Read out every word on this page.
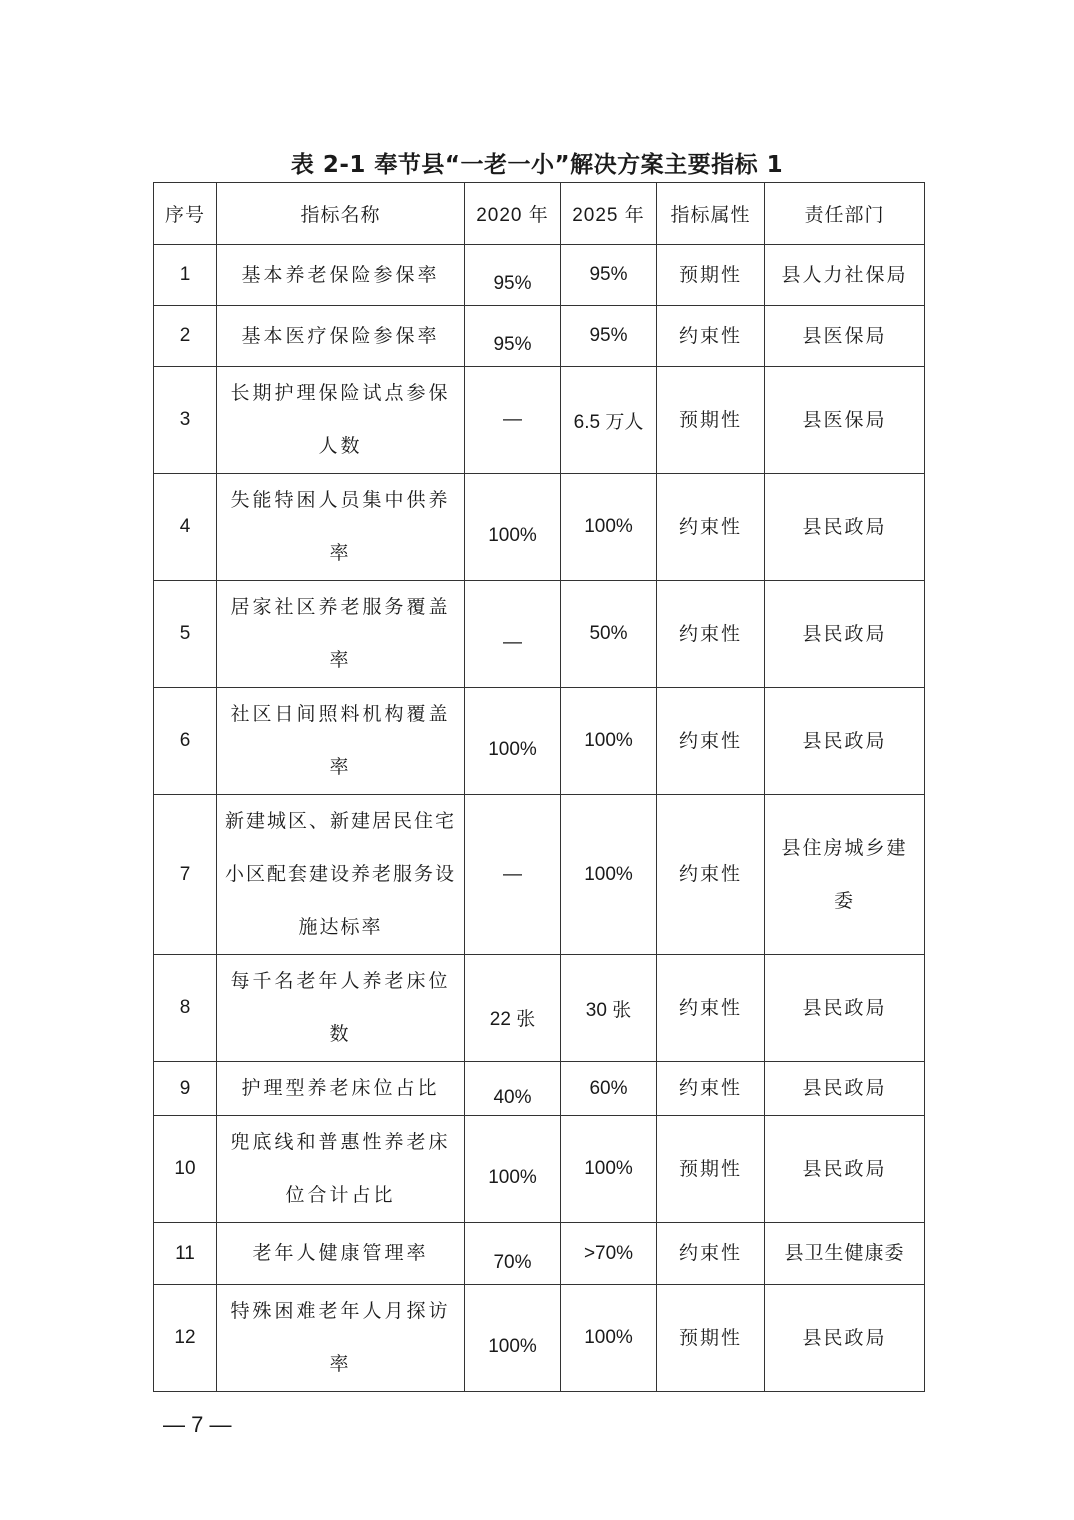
表 2-1 奉节县“一老一小”解决方案主要指标 1
序号	指标名称	2020 年	2025 年	指标属性	责任部门
1	基本养老保险参保率	95%	95%	预期性	县人力社保局
2	基本医疗保险参保率	95%	95%	约束性	县医保局
3	长期护理保险试点参保人数	—	6.5 万人	预期性	县医保局
4	失能特困人员集中供养率	100%	100%	约束性	县民政局
5	居家社区养老服务覆盖率	—	50%	约束性	县民政局
6	社区日间照料机构覆盖率	100%	100%	约束性	县民政局
7	新建城区、新建居民住宅小区配套建设养老服务设施达标率	—	100%	约束性	县住房城乡建委
8	每千名老年人养老床位数	22 张	30 张	约束性	县民政局
9	护理型养老床位占比	40%	60%	约束性	县民政局
10	兜底线和普惠性养老床位合计占比	100%	100%	预期性	县民政局
11	老年人健康管理率	70%	>70%	约束性	县卫生健康委
12	特殊困难老年人月探访率	100%	100%	预期性	县民政局
— 7 —
